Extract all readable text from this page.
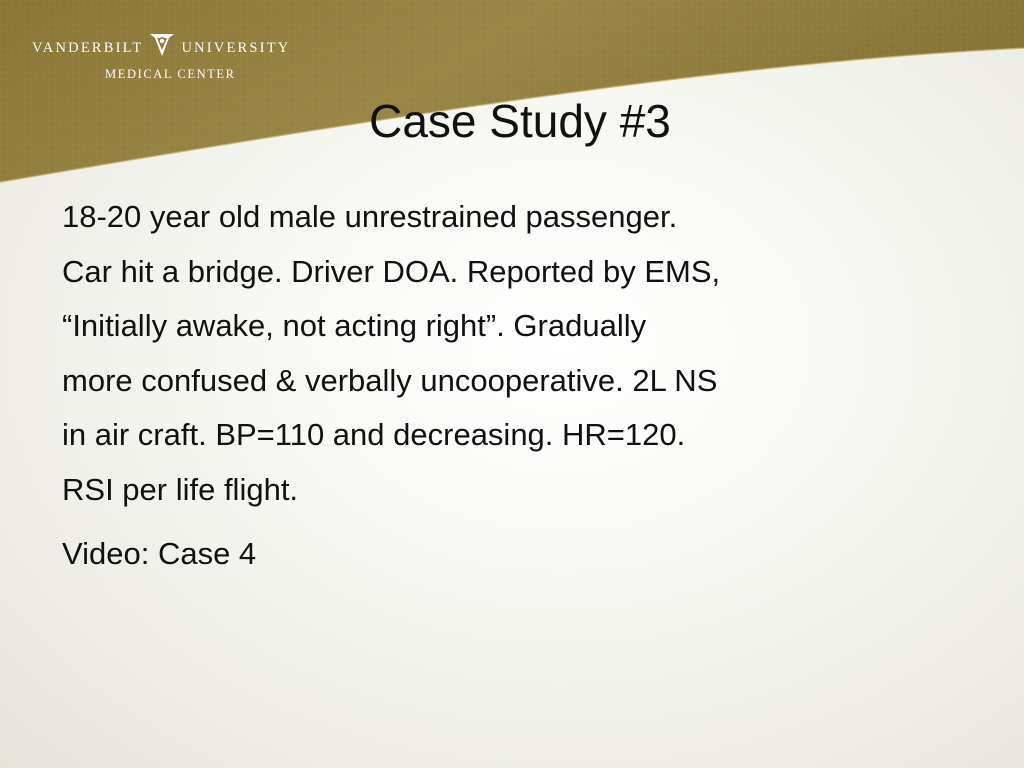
VANDERBILT	UNIVERSITY
MEDICAL CENTER
Case Study #3
18-20 year old male unrestrained passenger.
Car hit a bridge. Driver DOA. Reported by EMS,
“Initially awake, not acting right”. Gradually
more confused & verbally uncooperative. 2L NS
in air craft. BP=110 and decreasing. HR=120.
RSI per life flight.
Video: Case 4
